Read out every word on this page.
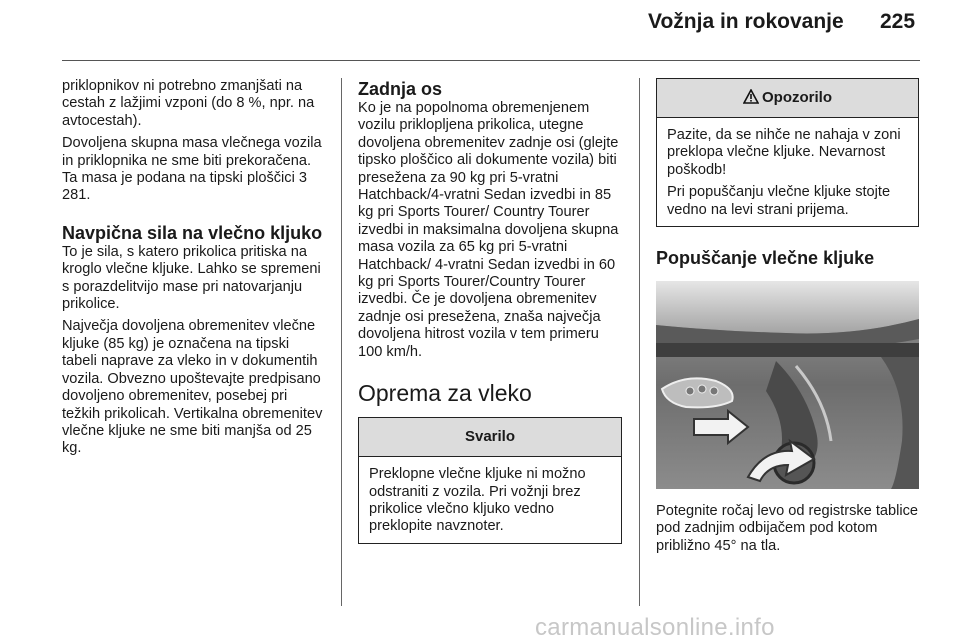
Vožnja in rokovanje 225

priklopnikov ni potrebno zmanjšati na cestah z lažjimi vzponi (do 8 %, npr. na avtocestah).

Dovoljena skupna masa vlečnega vozila in priklopnika ne sme biti prekoračena. Ta masa je podana na tipski ploščici 3 281.

Navpična sila na vlečno kljuko

To je sila, s katero prikolica pritiska na kroglo vlečne kljuke. Lahko se spremeni s porazdelitvijo mase pri natovarjanju prikolice.

Največja dovoljena obremenitev vlečne kljuke (85 kg) je označena na tipski tabeli naprave za vleko in v dokumentih vozila. Obvezno upoštevajte predpisano dovoljeno obremenitev, posebej pri težkih prikolicah. Vertikalna obremenitev vlečne kljuke ne sme biti manjša od 25 kg.

Zadnja os

Ko je na popolnoma obremenjenem vozilu priklopljena prikolica, utegne dovoljena obremenitev zadnje osi (glejte tipsko ploščico ali dokumente vozila) biti presežena za 90 kg pri 5-vratni Hatchback/4-vratni Sedan izvedbi in 85 kg pri Sports Tourer/ Country Tourer izvedbi in maksimalna dovoljena skupna masa vozila za 65 kg pri 5-vratni Hatchback/ 4-vratni Sedan izvedbi in 60 kg pri Sports Tourer/Country Tourer izvedbi. Če je dovoljena obremenitev zadnje osi presežena, znaša največja dovoljena hitrost vozila v tem primeru 100 km/h.

Oprema za vleko
Svarilo

Preklopne vlečne kljuke ni možno odstraniti z vozila. Pri vožnji brez prikolice vlečno kljuko vedno preklopite navznoter.

Opozorilo

Pazite, da se nihče ne nahaja v zoni preklopa vlečne kljuke. Nevarnost poškodb!

Pri popuščanju vlečne kljuke stojte vedno na levi strani prijema.

Popuščanje vlečne kljuke

Potegnite ročaj levo od registrske tablice pod zadnjim odbijačem pod kotom približno 45° na tla.

carmanualsonline.info
